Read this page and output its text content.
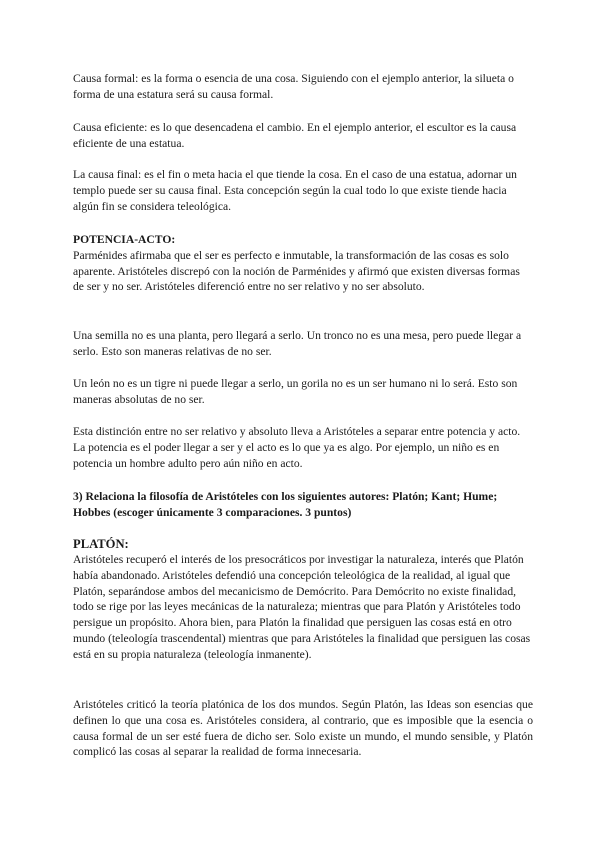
Causa formal: es la forma o esencia de una cosa. Siguiendo con el ejemplo anterior, la silueta o forma de una estatura será su causa formal.

Causa eficiente: es lo que desencadena el cambio. En el ejemplo anterior, el escultor es la causa eficiente de una estatua.

La causa final: es el fin o meta hacia el que tiende la cosa. En el caso de una estatua, adornar un templo puede ser su causa final. Esta concepción según la cual todo lo que existe tiende hacia algún fin se considera teleológica.

POTENCIA-ACTO:

Parménides afirmaba que el ser es perfecto e inmutable, la transformación de las cosas es solo aparente. Aristóteles discrepó con la noción de Parménides y afirmó que existen diversas formas de ser y no ser. Aristóteles diferenció entre no ser relativo y no ser absoluto.

Una semilla no es una planta, pero llegará a serlo. Un tronco no es una mesa, pero puede llegar a serlo. Esto son maneras relativas de no ser.

Un león no es un tigre ni puede llegar a serlo, un gorila no es un ser humano ni lo será. Esto son maneras absolutas de no ser.

Esta distinción entre no ser relativo y absoluto lleva a Aristóteles a separar entre potencia y acto. La potencia es el poder llegar a ser y el acto es lo que ya es algo. Por ejemplo, un niño es en potencia un hombre adulto pero aún niño en acto.

3) Relaciona la filosofía de Aristóteles con los siguientes autores: Platón; Kant; Hume; Hobbes (escoger únicamente 3 comparaciones. 3 puntos)

PLATÓN:

Aristóteles recuperó el interés de los presocráticos por investigar la naturaleza, interés que Platón había abandonado. Aristóteles defendió una concepción teleológica de la realidad, al igual que Platón, separándose ambos del mecanicismo de Demócrito. Para Demócrito no existe finalidad, todo se rige por las leyes mecánicas de la naturaleza; mientras que para Platón y Aristóteles todo persigue un propósito. Ahora bien, para Platón la finalidad que persiguen las cosas está en otro mundo (teleología trascendental) mientras que para Aristóteles la finalidad que persiguen las cosas está en su propia naturaleza (teleología inmanente).

Aristóteles criticó la teoría platónica de los dos mundos. Según Platón, las Ideas son esencias que definen lo que una cosa es. Aristóteles considera, al contrario, que es imposible que la esencia o causa formal de un ser esté fuera de dicho ser. Solo existe un mundo, el mundo sensible, y Platón complicó las cosas al separar la realidad de forma innecesaria.
